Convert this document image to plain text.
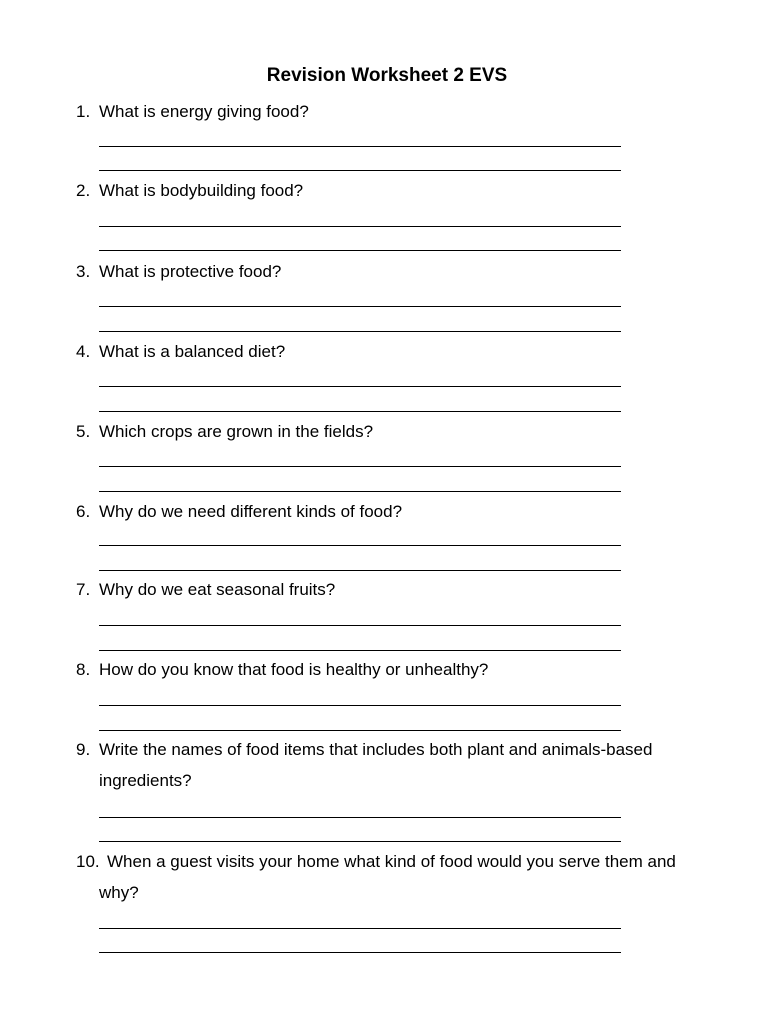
Revision Worksheet 2 EVS
1. What is energy giving food?
2. What is bodybuilding food?
3. What is protective food?
4. What is a balanced diet?
5. Which crops are grown in the fields?
6. Why do we need different kinds of food?
7. Why do we eat seasonal fruits?
8. How do you know that food is healthy or unhealthy?
9. Write the names of food items that includes both plant and animals-based ingredients?
10. When a guest visits your home what kind of food would you serve them and why?
